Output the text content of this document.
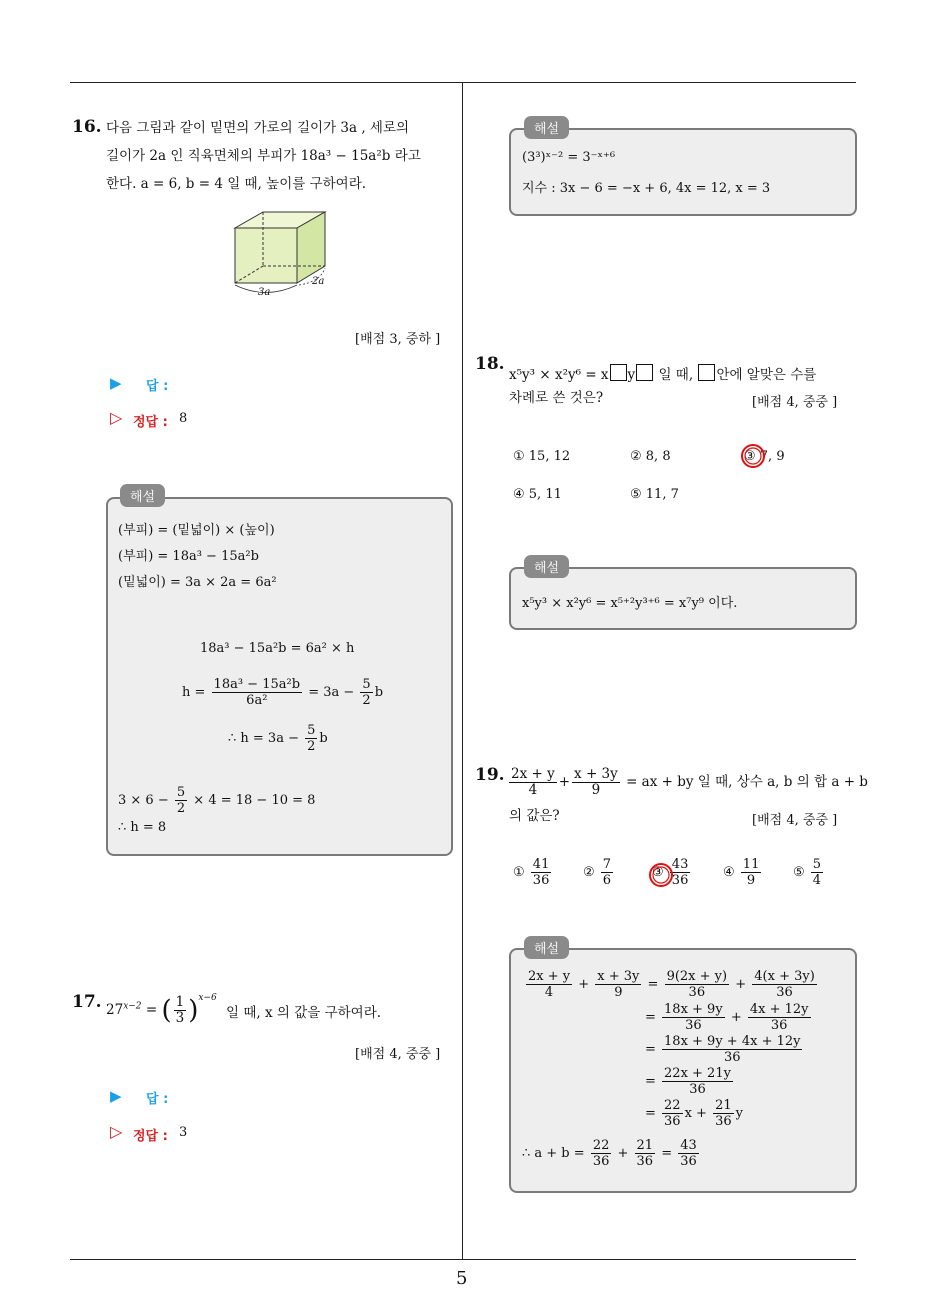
5
16. 다음 그림과 같이 밑면의 가로의 길이가 3a , 세로의
길이가 2a 인 직육면체의 부피가 18a³ − 15a²b 라고
한다. a = 6, b = 4 일 때, 높이를 구하여라.
3a
2a
[배점 3, 중하 ]
▶ 답 :
▷ 정답 : 8
해설
(부피) = (밑넓이) × (높이)
(부피) = 18a³ − 15a²b
(밑넓이) = 3a × 2a = 6a²
18a³ − 15a²b = 6a² × h
$h = \frac{\text{18a³ − 15a²b}}{\text{6a²}} = 3a - \frac{5}{2}$ b
∴ $h = 3a - \frac{5}{2}$ b
$3 \times 6 - \frac{5}{2} \times 4 = 18 - 10 = 8$
∴ h = 8
17. $27^{x-2}$ = ( $\frac{1}{3} )^{x-6}$
일 때, x 의 값을 구하여라.
[배점 4, 중중 ]
▶ 답 :
▷ 정답 : 3
해설
(3³)ˣ⁻² = 3⁻ˣ⁺⁶
지수 : 3x − 6 = −x + 6, 4x = 12, x = 3
18.
x⁵y³ × x²y⁶ = x y 일 때, 안에 알맞은 수를
차례로 쓴 것은?	[배점 4, 중중 ]
① 15, 12	② 8, 8	③ 7, 9
④ 5, 11	⑤ 11, 7
해설
x⁵y³ × x²y⁶ = x⁵⁺²y³⁺⁶ = x⁷y⁹ 이다.
19. $\frac{2x + y}{4} + \frac{x + 3y}{9}$ = ax + by 일 때, 상수 a, b 의 합 a + b
의 값은?	[배점 4, 중중 ]
① $\frac{41}{36}$ ② $\frac{7}{6}$	③ $\frac{43}{36}$	④ $\frac{11}{9}$ ⑤ $\frac{5}{4}$
해설
$\frac{2x + y}{4} + \frac{x + 3y}{9} = \frac{9(2x + y)}{36} + \frac{4(x + 3y)}{36}$
= $\frac{18x + 9y}{36} + \frac{4x + 12y}{36}$
= $\frac{18x + 9y + 4x + 12y}{36}$
= $\frac{22x + 21y}{36}$
= $\frac{22}{36}$ $x + \frac{21}{36}$ y
∴ $a + b = \frac{22}{36} + \frac{21}{36} = \frac{43}{36}$
